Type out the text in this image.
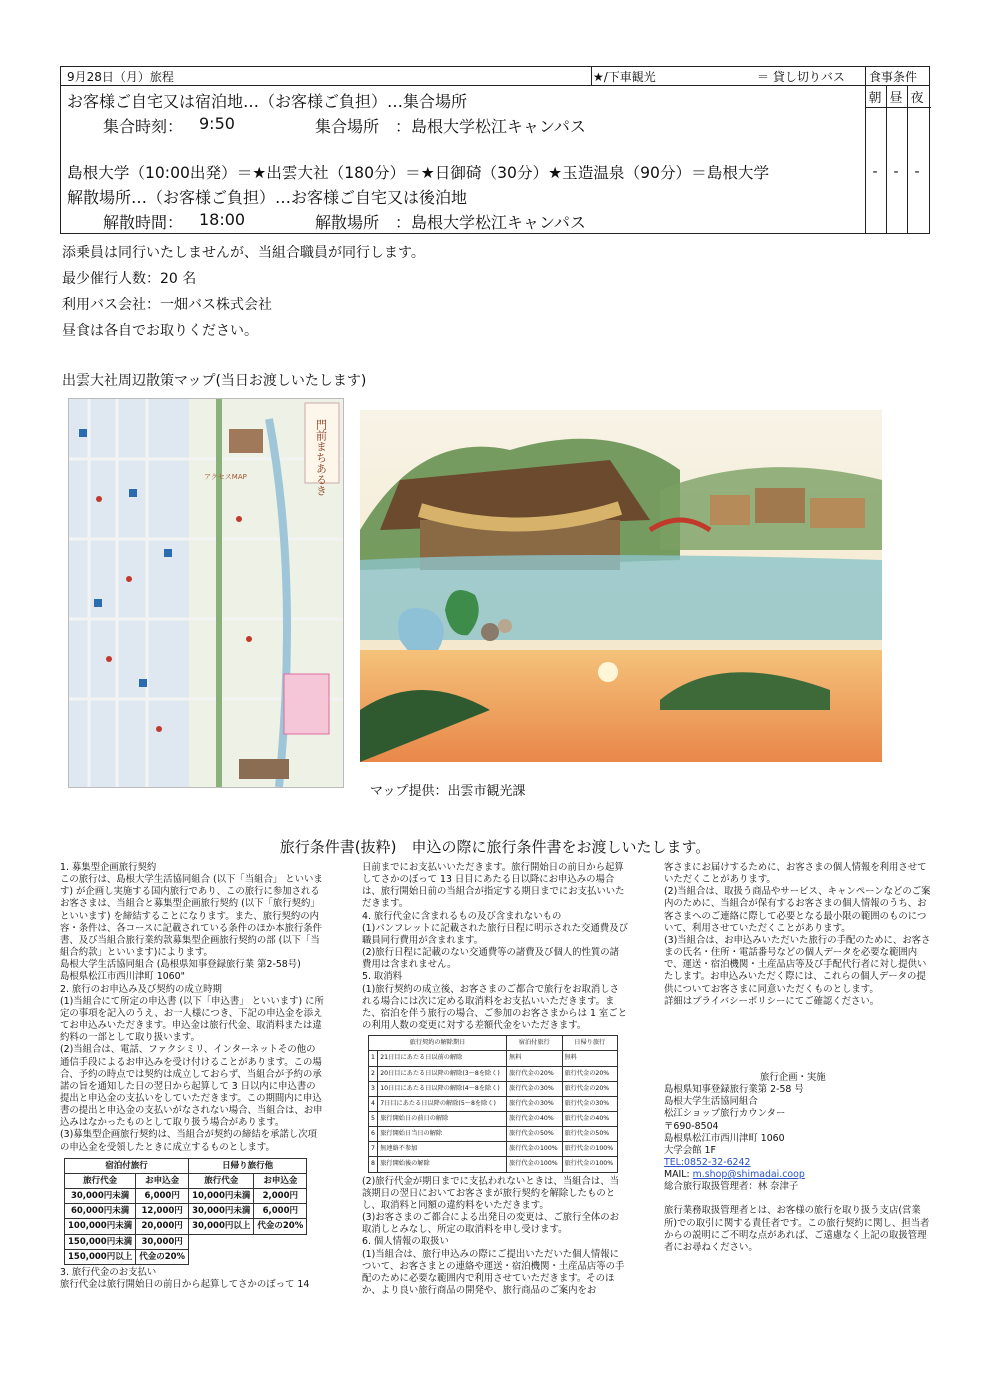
9月28日（月）旅程	★/下車観光	＝ 貸し切りバス 食事条件
朝 昼 夜
-	-	-
お客様ご自宅又は宿泊地…（お客様ご負担）…集合場所
集合時刻： 9:50	集合場所 ：島根大学松江キャンパス
島根大学（10:00出発）＝★出雲大社（180分）＝★日御碕（30分）★玉造温泉（90分）＝島根大学
解散場所…（お客様ご負担）…お客様ご自宅又は後泊地
解散時間： 18:00	解散場所 ：島根大学松江キャンパス
添乗員は同行いたしませんが、当組合職員が同行します。
最少催行人数：20 名
利用バス会社：一畑バス株式会社
昼食は各自でお取りください。
出雲大社周辺散策マップ(当日お渡しいたします)
門前まちあるき
アクセスMAP
マップ提供：出雲市観光課
旅行条件書(抜粋)　申込の際に旅行条件書をお渡しいたします。

1. 募集型企画旅行契約

この旅行は、島根大学生活協同組合 (以下「当組合」 といいます) が企画し実施する国内旅行であり、この旅行に参加されるお客さまは、当組合と募集型企画旅行契約 (以下「旅行契約」といいます) を締結することになります。また、旅行契約の内容・条件は、各コースに記載されている条件のほか本旅行条件書、及び当組合旅行業約款募集型企画旅行契約の部 (以下「当組合約款」といいます)によります。

島根大学生活協同組合 (島根県知事登録旅行業 第2-58号)

島根県松江市西川津町 1060"

2. 旅行のお申込み及び契約の成立時期

(1)当組合にて所定の申込書 (以下「申込書」 といいます) に所定の事項を記入のうえ、お一人様につき、下記の申込金を添えてお申込みいただきます。申込金は旅行代金、取消料または違約料の一部として取り扱います。

(2)当組合は、電話、ファクシミリ、インターネットその他の通信手段によるお申込みを受け付けることがあります。この場合、予約の時点では契約は成立しておらず、当組合が予約の承諾の旨を通知した日の翌日から起算して 3 日以内に申込書の提出と申込金の支払いをしていただきます。この期間内に申込書の提出と申込金の支払いがなされない場合、当組合は、お申込みはなかったものとして取り扱う場合があります。

(3)募集型企画旅行契約は、当組合が契約の締結を承諾し次項の申込金を受領したときに成立するものとします。

宿泊付旅行		日帰り旅行他	
旅行代金	お申込金	旅行代金	お申込金
30,000円未満	6,000円	10,000円未満	2,000円
60,000円未満	12,000円	30,000円未満	6,000円
100,000円未満	20,000円	30,000円以上	代金の20%
150,000円未満	30,000円		
150,000円以上	代金の20%		

3. 旅行代金のお支払い

旅行代金は旅行開始日の前日から起算してさかのぼって 14

日前までにお支払いいただきます。旅行開始日の前日から起算してさかのぼって 13 日目にあたる日以降にお申込みの場合は、旅行開始日前の当組合が指定する期日までにお支払いいただきます。

4. 旅行代金に含まれるもの及び含まれないもの

(1)パンフレットに記載された旅行日程に明示された交通費及び職員同行費用が含まれます。

(2)旅行日程に記載のない交通費等の諸費及び個人的性質の諸費用は含まれません。

5. 取消料

(1)旅行契約の成立後、お客さまのご都合で旅行をお取消しされる場合には次に定める取消料をお支払いいただきます。また、宿泊を伴う旅行の場合、ご参加のお客さまからは 1 室ごとの利用人数の変更に対する差額代金をいただきます。

旅行契約の解除期日		宿泊付旅行	日帰り旅行
1	21日目にあたる日以前の解除	無料	無料
2	20日目にあたる日以降の解除(3〜8を除く)	旅行代金の20%	旅行代金の20%
3	10日目にあたる日以降の解除(4〜8を除く)	旅行代金の30%	旅行代金の20%
4	7日目にあたる日以降の解除(5〜8を除く)	旅行代金の30%	旅行代金の30%
5	旅行開始日の前日の解除	旅行代金の40%	旅行代金の40%
6	旅行開始日当日の解除	旅行代金の50%	旅行代金の50%
7	無連絡不参加	旅行代金の100%	旅行代金の100%
8	旅行開始後の解除	旅行代金の100%	旅行代金の100%

(2)旅行代金が期日までに支払われないときは、当組合は、当該期日の翌日においてお客さまが旅行契約を解除したものとし、取消料と同額の違約料をいただきます。

(3)お客さまのご都合による出発日の変更は、ご旅行全体のお取消しとみなし、所定の取消料を申し受けます。

6. 個人情報の取扱い

(1)当組合は、旅行申込みの際にご提出いただいた個人情報について、お客さまとの連絡や運送・宿泊機関・土産品店等の手配のために必要な範囲内で利用させていただきます。そのほか、より良い旅行商品の開発や、旅行商品のご案内をお

客さまにお届けするために、お客さまの個人情報を利用させていただくことがあります。

(2)当組合は、取扱う商品やサービス、キャンペーンなどのご案内のために、当組合が保有するお客さまの個人情報のうち、お客さまへのご連絡に際して必要となる最小限の範囲のものについて、利用させていただくことがあります。

(3)当組合は、お申込みいただいた旅行の手配のために、お客さまの氏名・住所・電話番号などの個人データを必要な範囲内で、運送・宿泊機関・土産品店等及び手配代行者に対し提供いたします。お申込みいただく際には、これらの個人データの提供についてお客さまに同意いただくものとします。

詳細はプライバシーポリシーにてご確認ください。

旅行企画・実施

島根県知事登録旅行業第 2-58 号

島根大学生活協同組合

松江ショップ旅行カウンター

〒690-8504

島根県松江市西川津町 1060

大学会館 1F

TEL:0852-32-6242

MAIL: m.shop@shimadai.coop

総合旅行取扱管理者：林 奈津子

旅行業務取扱管理者とは、お客様の旅行を取り扱う支店(営業所)での取引に関する責任者です。この旅行契約に関し、担当者からの説明にご不明な点があれば、ご遠慮なく上記の取扱管理者にお尋ねください。
